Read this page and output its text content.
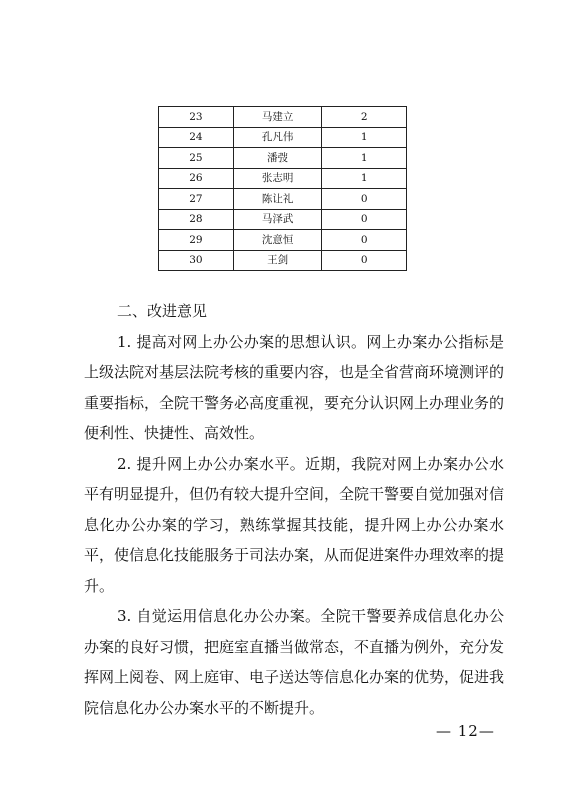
23	马建立	2
24	孔凡伟	1
25	潘弢	1
26	张志明	1
27	陈让礼	0
28	马泽武	0
29	沈意恒	0
30	王剑	0

二、改进意见

1. 提高对网上办公办案的思想认识。网上办案办公指标是上级法院对基层法院考核的重要内容，也是全省营商环境测评的重要指标，全院干警务必高度重视，要充分认识网上办理业务的便利性、快捷性、高效性。

2. 提升网上办公办案水平。近期，我院对网上办案办公水平有明显提升，但仍有较大提升空间，全院干警要自觉加强对信息化办公办案的学习，熟练掌握其技能，提升网上办公办案水平，使信息化技能服务于司法办案，从而促进案件办理效率的提升。

3. 自觉运用信息化办公办案。全院干警要养成信息化办公办案的良好习惯，把庭室直播当做常态，不直播为例外，充分发挥网上阅卷、网上庭审、电子送达等信息化办案的优势，促进我院信息化办公办案水平的不断提升。

— 12—
